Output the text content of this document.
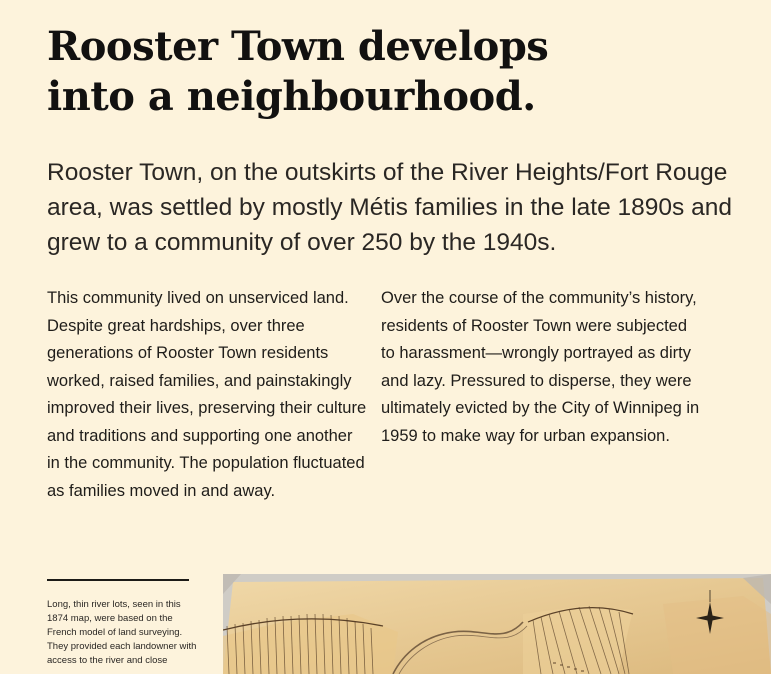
Rooster Town develops
into a neighbourhood.

Rooster Town, on the outskirts of the River Heights/Fort Rouge area, was settled by mostly Métis families in the late 1890s and grew to a community of over 250 by the 1940s.

This community lived on unserviced land. Despite great hardships, over three generations of Rooster Town residents worked, raised families, and painstakingly improved their lives, preserving their culture and traditions and supporting one another in the community. The population fluctuated as families moved in and away.

Over the course of the community’s history, residents of Rooster Town were subjected to harassment—wrongly portrayed as dirty and lazy. Pressured to disperse, they were ultimately evicted by the City of Winnipeg in 1959 to make way for urban expansion.

Long, thin river lots, seen in this 1874 map, were based on the French model of land surveying. They provided each landowner with access to the river and close
